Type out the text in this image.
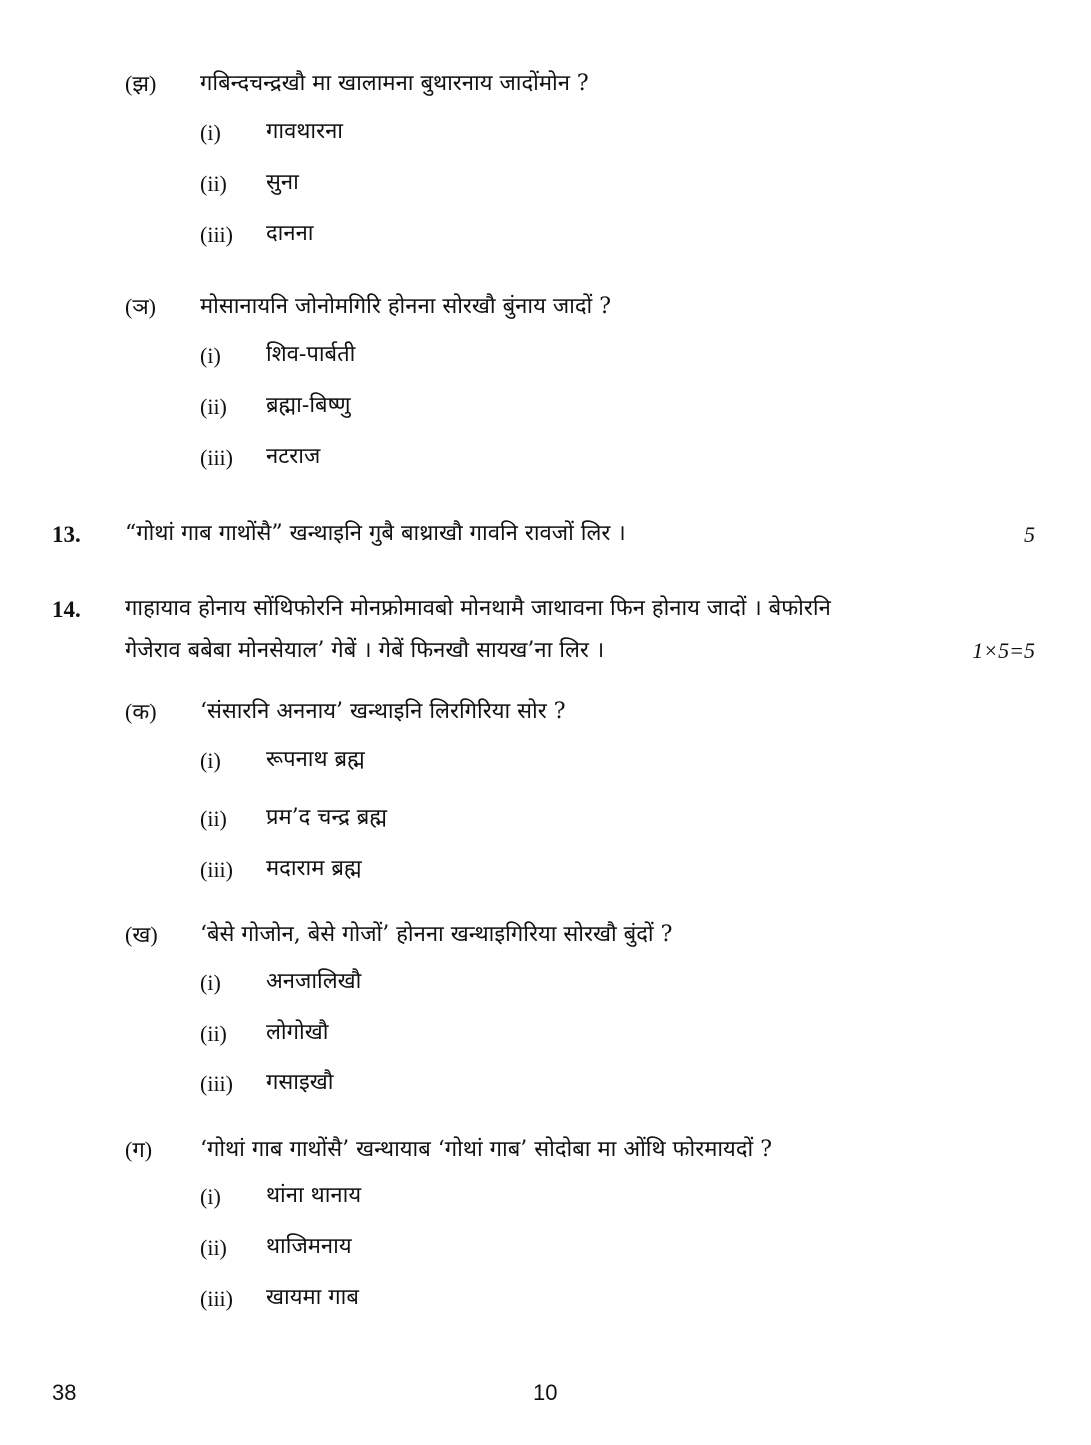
(झ) गबिन्दचन्द्रखौ मा खालामना बुथारनाय जादोंमोन ?
(i) गावथारना
(ii) सुना
(iii) दानना
(ञ) मोसानायनि जोनोमगिरि होनना सोरखौ बुंनाय जादों ?
(i) शिव-पार्बती
(ii) ब्रह्मा-बिष्णु
(iii) नटराज
13. “गोथां गाब गाथोंसै” खन्थाइनि गुबै बाथ्राखौ गावनि रावजों लिर ।	5
14. गाहायाव होनाय सोंथिफोरनि मोनफ्रोमावबो मोनथामै जाथावना फिन होनाय जादों । बेफोरनि
गेजेराव बबेबा मोनसेयाल’ गेबें । गेबें फिनखौ सायख’ना लिर ।	1×5=5
(क) ‘संसारनि अननाय’ खन्थाइनि लिरगिरिया सोर ?
(i) रूपनाथ ब्रह्म
(ii) प्रम’द चन्द्र ब्रह्म
(iii) मदाराम ब्रह्म
(ख) ‘बेसे गोजोन, बेसे गोजों’ होनना खन्थाइगिरिया सोरखौ बुंदों ?
(i) अनजालिखौ
(ii) लोगोखौ
(iii) गसाइखौ
(ग) ‘गोथां गाब गाथोंसै’ खन्थायाब ‘गोथां गाब’ सोदोबा मा ओंथि फोरमायदों ?
(i) थांना थानाय
(ii) थाजिमनाय
(iii) खायमा गाब
38	10
